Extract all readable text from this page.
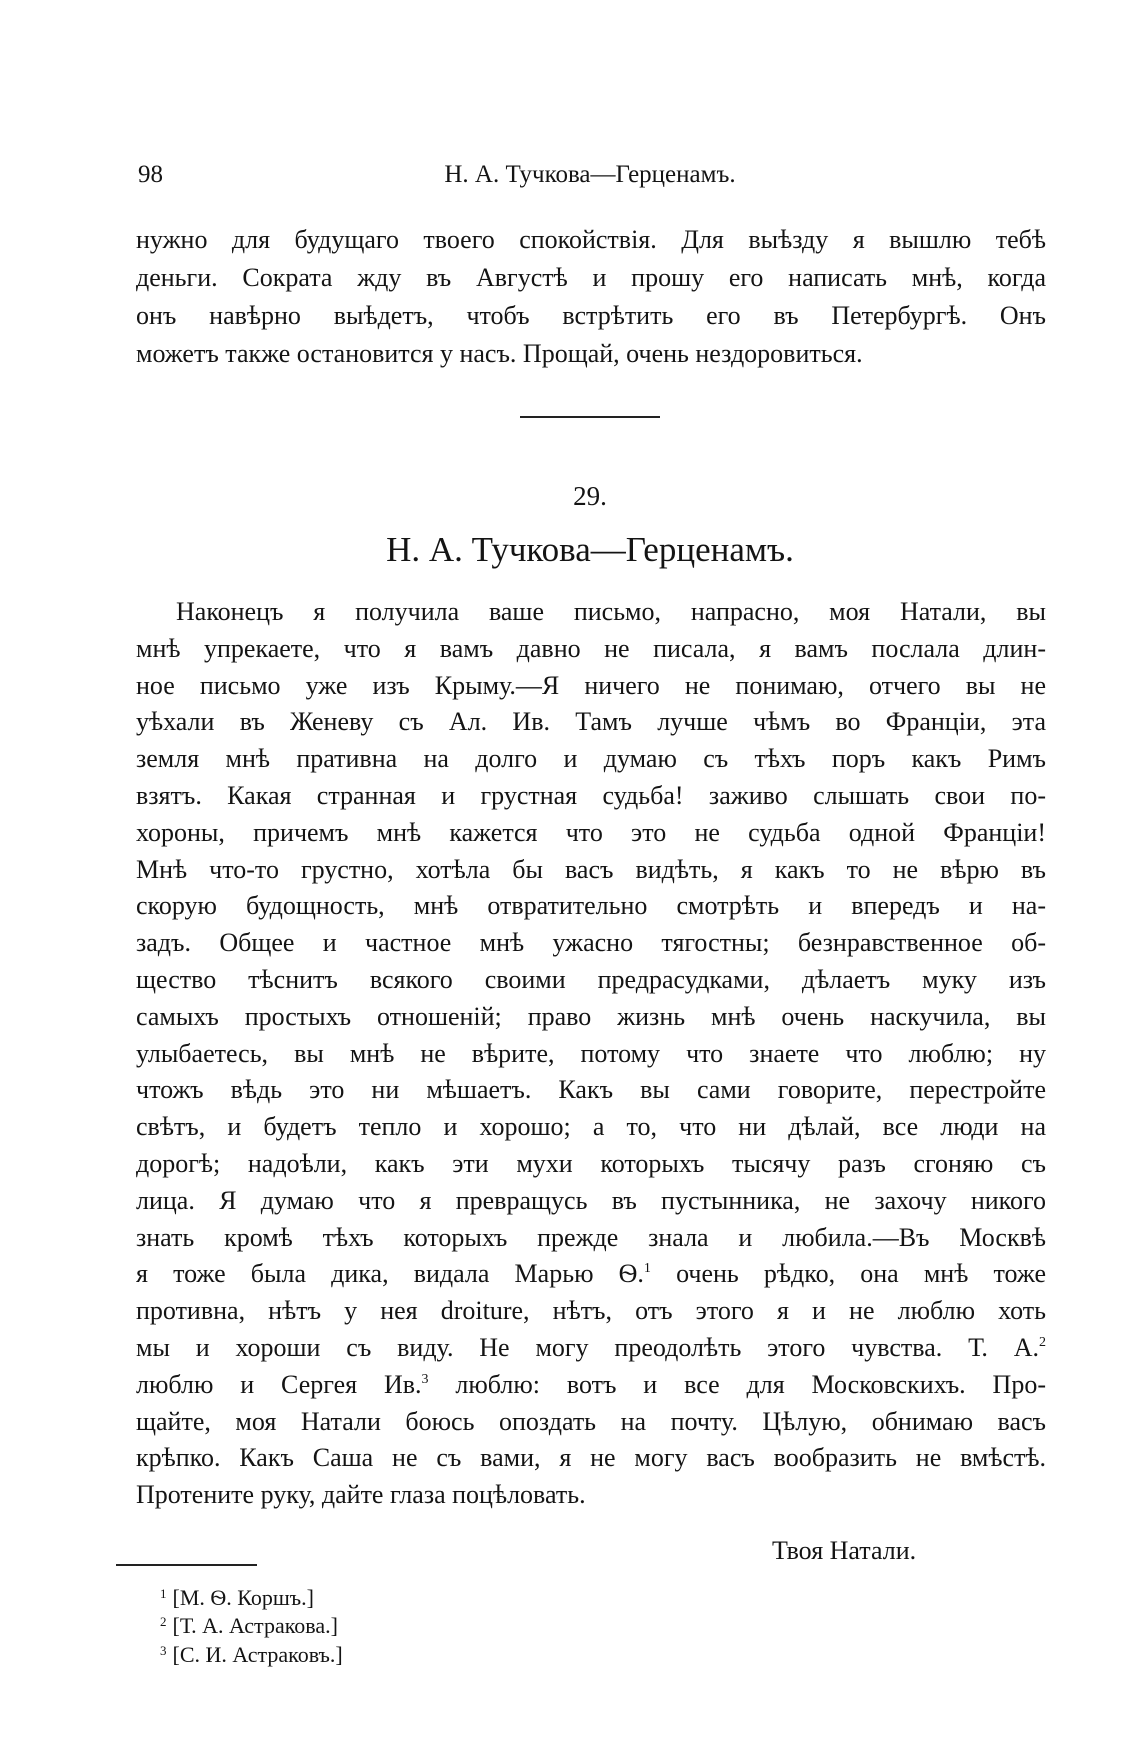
98	Н. А. Тучкова—Герценамъ.
нужно для будущаго твоего спокойствія. Для выѣзду я вышлю тебѣ
деньги. Сократа жду въ Августѣ и прошу его написать мнѣ, когда
онъ навѣрно выѣдетъ, чтобъ встрѣтить его въ Петербургѣ. Онъ
можетъ также остановится у насъ. Прощай, очень нездоровиться.
29.
Н. А. Тучкова—Герценамъ.
Наконецъ я получила ваше письмо, напрасно, моя Натали, вы
мнѣ упрекаете, что я вамъ давно не писала, я вамъ послала длин-
ное письмо уже изъ Крыму.—Я ничего не понимаю, отчего вы не
уѣхали въ Женеву съ Ал. Ив. Тамъ лучше чѣмъ во Франціи, эта
земля мнѣ пративна на долго и думаю съ тѣхъ поръ какъ Римъ
взятъ. Какая странная и грустная судьба! заживо слышать свои по-
хороны, причемъ мнѣ кажется что это не судьба одной Франціи!
Мнѣ что-то грустно, хотѣла бы васъ видѣть, я какъ то не вѣрю въ
скорую будощность, мнѣ отвратительно смотрѣть и впередъ и на-
задъ. Общее и частное мнѣ ужасно тягостны; безнравственное об-
щество тѣснитъ всякого своими предрасудками, дѣлаетъ муку изъ
самыхъ простыхъ отношеній; право жизнь мнѣ очень наскучила, вы
улыбаетесь, вы мнѣ не вѣрите, потому что знаете что люблю; ну
чтожъ вѣдь это ни мѣшаетъ. Какъ вы сами говорите, перестройте
свѣтъ, и будетъ тепло и хорошо; а то, что ни дѣлай, все люди на
дорогѣ; надоѣли, какъ эти мухи которыхъ тысячу разъ сгоняю съ
лица. Я думаю что я превращусь въ пустынника, не захочу никого
знать кромѣ тѣхъ которыхъ прежде знала и любила.—Въ Москвѣ
я тоже была дика, видала Марью Ѳ.$^1$ очень рѣдко, она мнѣ тоже
противна, нѣтъ у нея droiture, нѣтъ, отъ этого я и не люблю хоть
мы и хороши съ виду. Не могу преодолѣть этого чувства. Т. А.$^2$
люблю и Сергея Ив.$^3$ люблю: вотъ и все для Московскихъ. Про-
щайте, моя Натали боюсь опоздать на почту. Цѣлую, обнимаю васъ
крѣпко. Какъ Саша не съ вами, я не могу васъ вообразить не вмѣстѣ.
Протените руку, дайте глаза поцѣловать.
Твоя Натали.
$^1$ [М. Ѳ. Коршъ.]
$^2$ [Т. А. Астракова.]
$^3$ [С. И. Астраковъ.]
